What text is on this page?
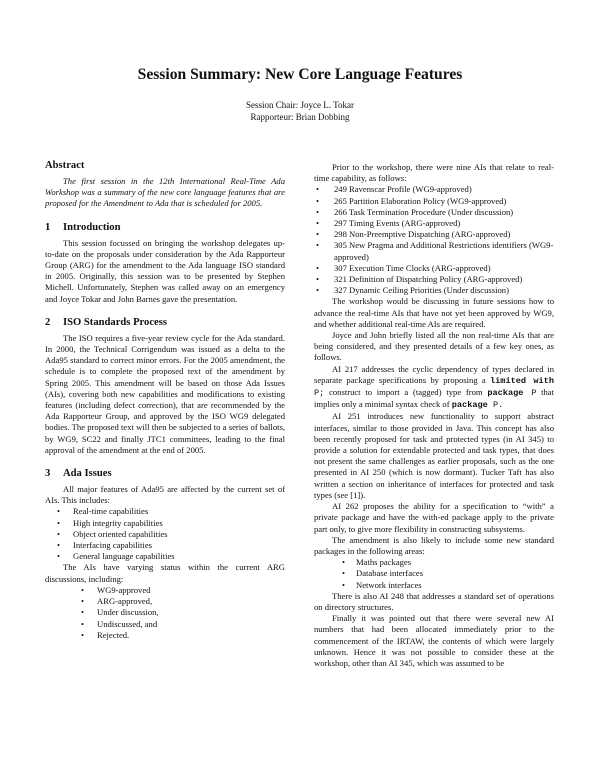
Session Summary: New Core Language Features
Session Chair: Joyce L. Tokar
Rapporteur: Brian Dobbing
Abstract

The first session in the 12th International Real-Time Ada Workshop was a summary of the new core language features that are proposed for the Amendment to Ada that is scheduled for 2005.

1 Introduction

This session focussed on bringing the workshop delegates up-to-date on the proposals under consideration by the Ada Rapporteur Group (ARG) for the amendment to the Ada language ISO standard in 2005. Originally, this session was to be presented by Stephen Michell. Unfortunately, Stephen was called away on an emergency and Joyce Tokar and John Barnes gave the presentation.

2 ISO Standards Process

The ISO requires a five-year review cycle for the Ada standard. In 2000, the Technical Corrigendum was issued as a delta to the Ada95 standard to correct minor errors. For the 2005 amendment, the schedule is to complete the proposed text of the amendment by Spring 2005. This amendment will be based on those Ada Issues (AIs), covering both new capabilities and modifications to existing features (including defect correction), that are recommended by the Ada Rapporteur Group, and approved by the ISO WG9 delegated bodies. The proposed text will then be subjected to a series of ballots, by WG9, SC22 and finally JTC1 committees, leading to the final approval of the amendment at the end of 2005.

3 Ada Issues

All major features of Ada95 are affected by the current set of AIs. This includes:

• Real-time capabilities
• High integrity capabilities
• Object oriented capabilities
• Interfacing capabilities
• General language capabilities

The AIs have varying status within the current ARG discussions, including:

• WG9-approved
• ARG-approved,
• Under discussion,
• Undiscussed, and
• Rejected.

Prior to the workshop, there were nine AIs that relate to real-time capability, as follows:

• 249 Ravenscar Profile (WG9-approved)
• 265 Partition Elaboration Policy (WG9-approved)
• 266 Task Termination Procedure (Under discussion)
• 297 Timing Events (ARG-approved)
• 298 Non-Preemptive Dispatching (ARG-approved)
• 305 New Pragma and Additional Restrictions identifiers (WG9-approved)
• 307 Execution Time Clocks (ARG-approved)
• 321 Definition of Dispatching Policy (ARG-approved)
• 327 Dynamic Ceiling Priorities (Under discussion)

The workshop would be discussing in future sessions how to advance the real-time AIs that have not yet been approved by WG9, and whether additional real-time AIs are required.

Joyce and John briefly listed all the non real-time AIs that are being considered, and they presented details of a few key ones, as follows.

AI 217 addresses the cyclic dependency of types declared in separate package specifications by proposing a limited with P; construct to import a (tagged) type from package P that implies only a minimal syntax check of package P.

AI 251 introduces new functionality to support abstract interfaces, similar to those provided in Java. This concept has also been recently proposed for task and protected types (in AI 345) to provide a solution for extendable protected and task types, that does not present the same challenges as earlier proposals, such as the one presented in AI 250 (which is now dormant). Tucker Taft has also written a section on inheritance of interfaces for protected and task types (see [1]).

AI 262 proposes the ability for a specification to “with” a private package and have the with-ed package apply to the private part only, to give more flexibility in constructing subsystems.

The amendment is also likely to include some new standard packages in the following areas:

• Maths packages
• Database interfaces
• Network interfaces

There is also AI 248 that addresses a standard set of operations on directory structures.

Finally it was pointed out that there were several new AI numbers that had been allocated immediately prior to the commencement of the IRTAW, the contents of which were largely unknown. Hence it was not possible to consider these at the workshop, other than AI 345, which was assumed to be
